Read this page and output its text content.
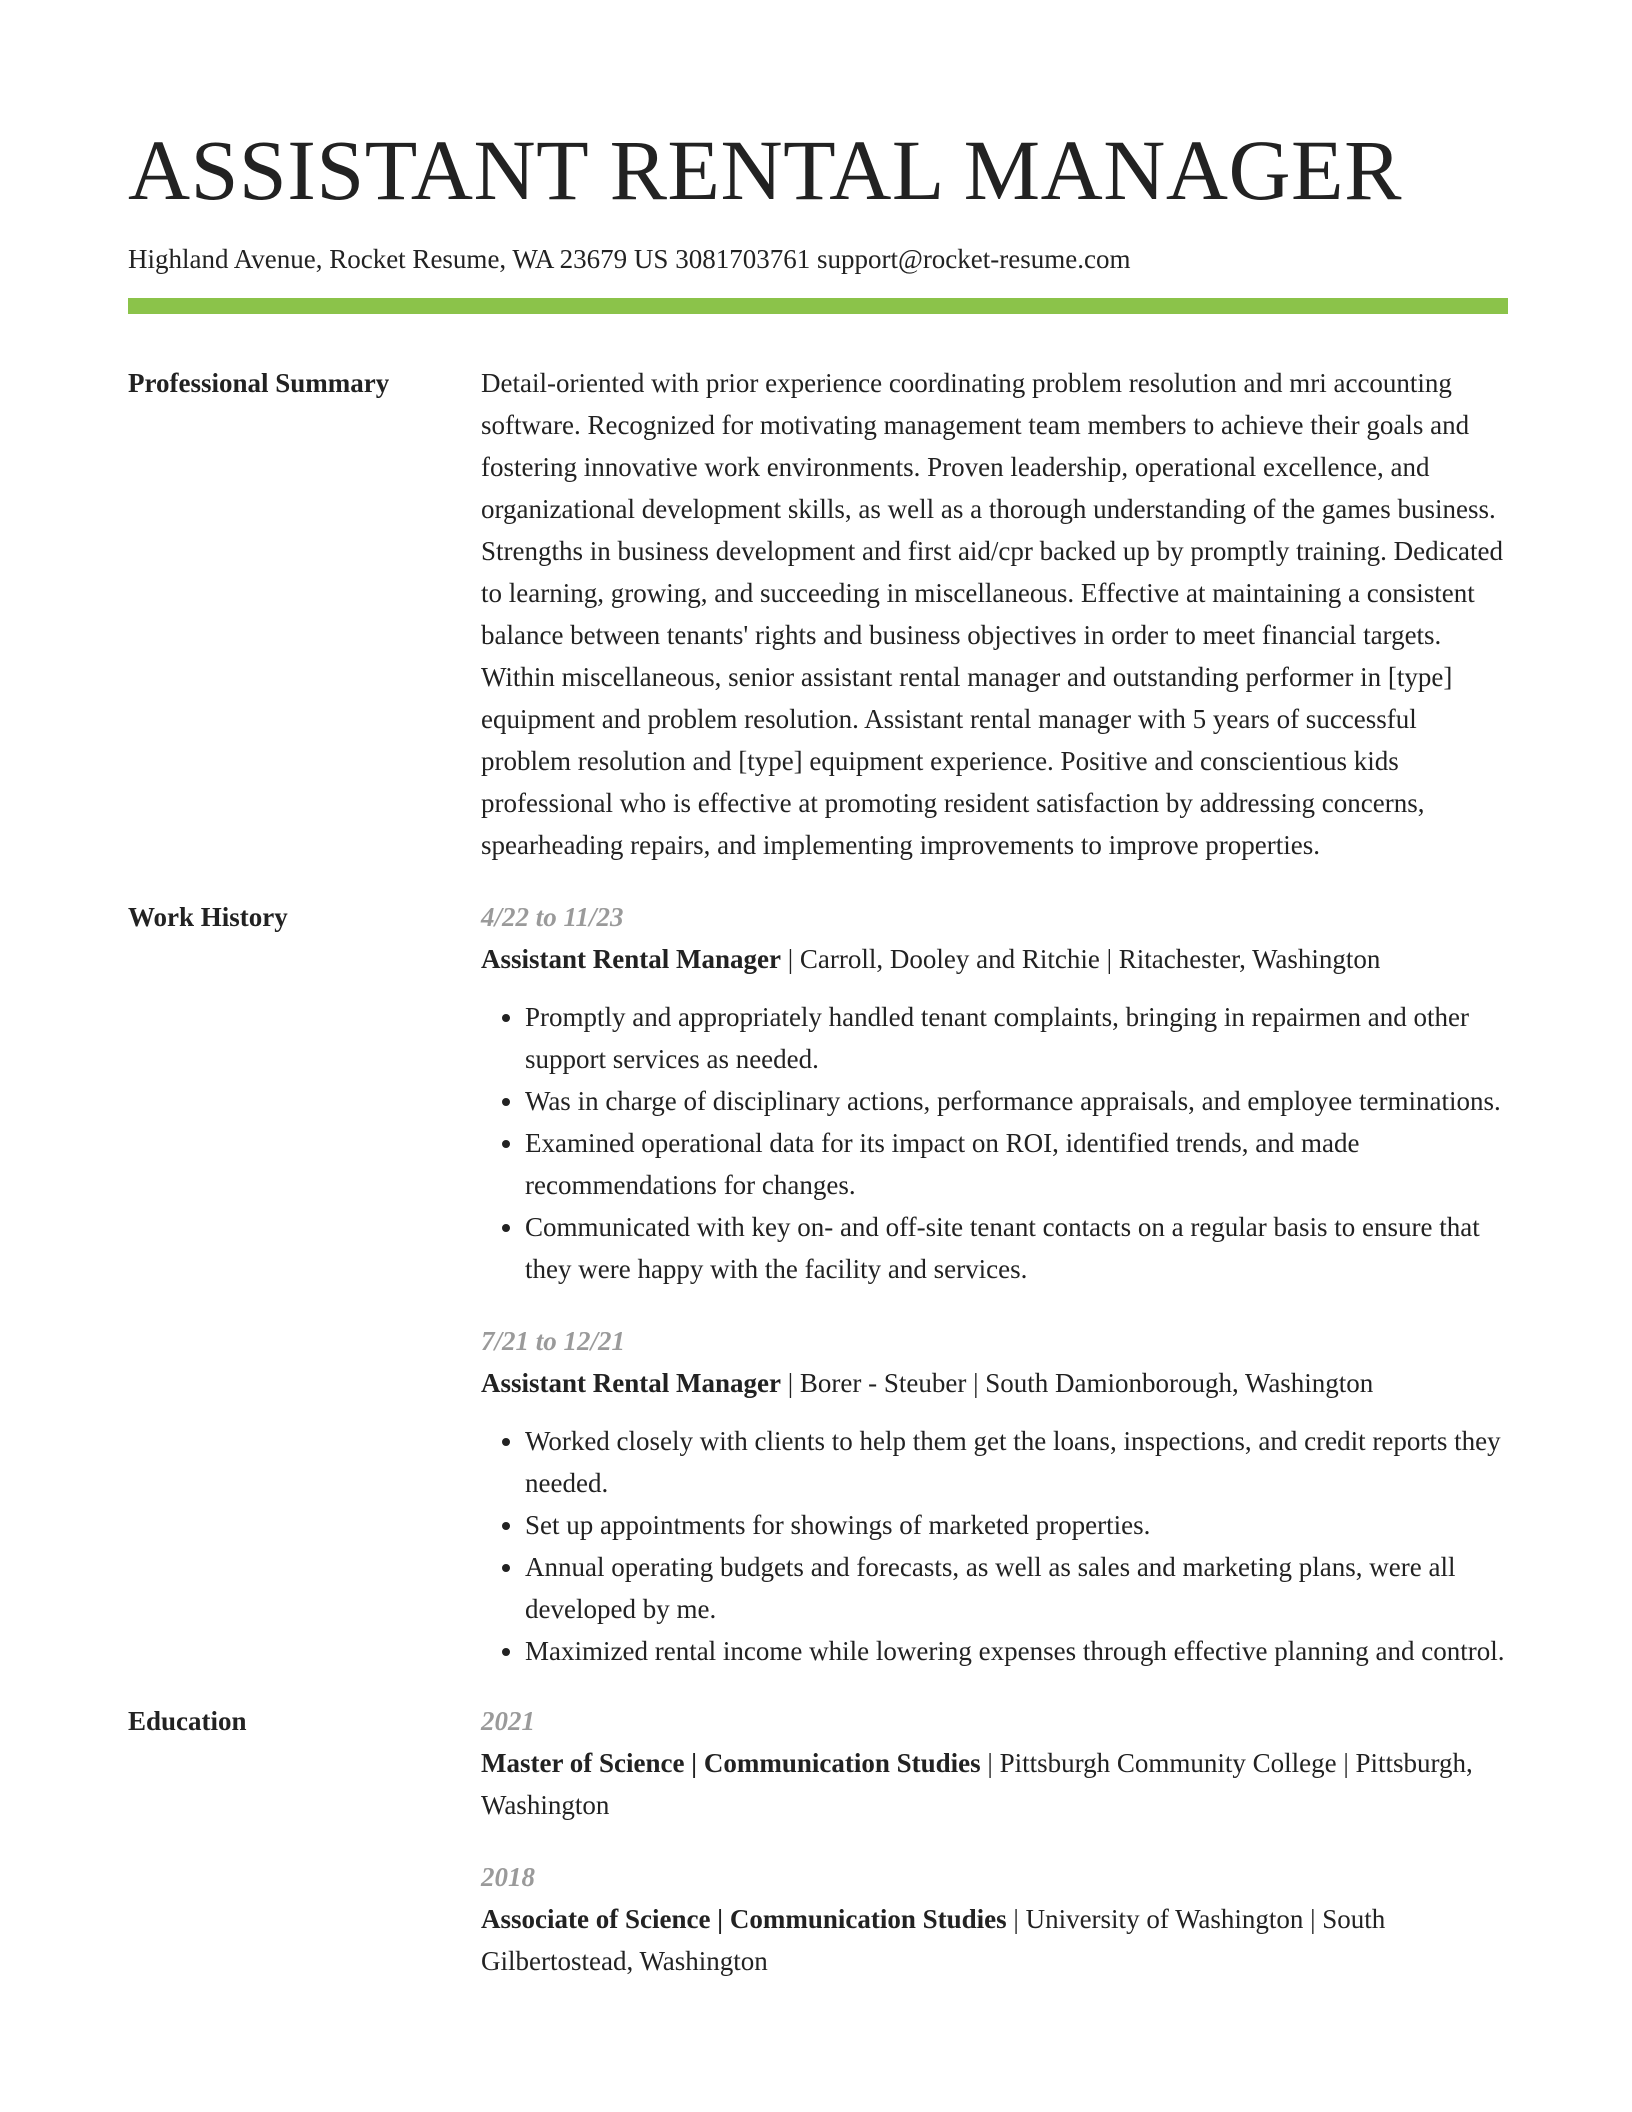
ASSISTANT RENTAL MANAGER
Highland Avenue, Rocket Resume, WA 23679 US 3081703761 support@rocket-resume.com
Professional Summary	Detail-oriented with prior experience coordinating problem resolution and mri accounting software. Recognized for motivating management team members to achieve their goals and fostering innovative work environments. Proven leadership, operational excellence, and organizational development skills, as well as a thorough understanding of the games business. Strengths in business development and first aid/cpr backed up by promptly training. Dedicated to learning, growing, and succeeding in miscellaneous. Effective at maintaining a consistent balance between tenants' rights and business objectives in order to meet financial targets. Within miscellaneous, senior assistant rental manager and outstanding performer in [type] equipment and problem resolution. Assistant rental manager with 5 years of successful problem resolution and [type] equipment experience. Positive and conscientious kids professional who is effective at promoting resident satisfaction by addressing concerns, spearheading repairs, and implementing improvements to improve properties.

Work History	4/22 to 11/23
Assistant Rental Manager | Carroll, Dooley and Ritchie | Ritachester, Washington
• Promptly and appropriately handled tenant complaints, bringing in repairmen and other support services as needed.
• Was in charge of disciplinary actions, performance appraisals, and employee terminations.
• Examined operational data for its impact on ROI, identified trends, and made recommendations for changes.
• Communicated with key on- and off-site tenant contacts on a regular basis to ensure that they were happy with the facility and services.
7/21 to 12/21
Assistant Rental Manager | Borer - Steuber | South Damionborough, Washington
• Worked closely with clients to help them get the loans, inspections, and credit reports they needed.
• Set up appointments for showings of marketed properties.
• Annual operating budgets and forecasts, as well as sales and marketing plans, were all developed by me.
• Maximized rental income while lowering expenses through effective planning and control.
Education	2021
Master of Science | Communication Studies | Pittsburgh Community College | Pittsburgh, Washington
2018
Associate of Science | Communication Studies | University of Washington | South Gilbertostead, Washington
